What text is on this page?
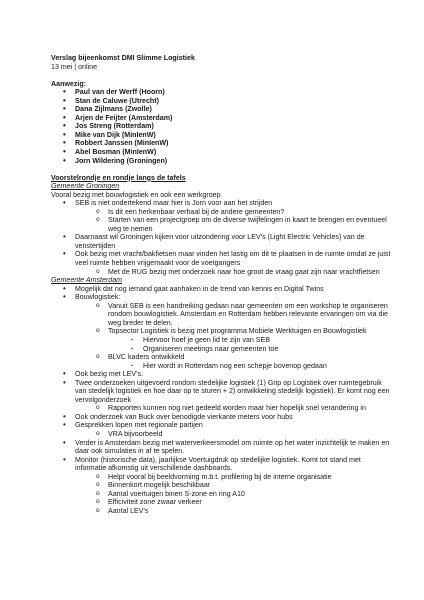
Verslag bijeenkomst DMI Slimme Logistiek
13 mei | online
Aanwezig:
• Paul van der Werff (Hoorn)
• Stan de Caluwe (Utrecht)
• Dana Zijlmans (Zwolle)
• Arjen de Feijter (Amsterdam)
• Jos Streng (Rotterdam)
• Mike van Dijk (MinIenW)
• Robbert Janssen (MinIenW)
• Abel Bosman (MinIenW)
• Jorn Wildering (Groningen)
Voorstelrondje en rondje langs de tafels
Gemeente Groningen
Vooral bezig met bouwlogistiek en ook een werkgroep
• SEB is niet ondertekend maar hier is Jorn voor aan het strijden
o Is dit een herkenbaar verhaal bij de andere gemeenten?
o Starten van een projectgroep om de diverse twijfelingen in kaart te brengen en eventueel weg te nemen
• Daarnaast wil Groningen kijken voor uitzondering voor LEV's (Light Electric Vehicles) van de venstertijden
• Ook bezig met vracht/bakfietsen maar vinden het lastig om dit te plaatsen in de ruimte omdat ze juist veel ruimte hebben vrijgemaakt voor de voetgangers
o Met de RUG bezig met onderzoek naar hoe groot de vraag gaat zijn naar vrachtfietsen
Gemeente Amsterdam
• Mogelijk dat nog iemand gaat aanhaken in de trend van kennis en Digital Twins
• Bouwlogistiek:
o Vanuit SEB is een handreiking gedaan naar gemeenten om een workshop te organiseren rondom bouwlogistiek. Amsterdam en Rotterdam hebben relevante ervaringen om via die weg breder te delen.
o Topsector Logistiek is bezig met programma Mobiele Werktuigen en Bouwlogistiek
▪ Hiervoor hoef je geen lid te zijn van SEB
▪ Organiseren meetings naar gemeenten toe
o BLVC kaders ontwikkeld
▪ Hier wordt in Rotterdam nog een schepje bovenop gedaan
• Ook bezig met LEV's.
• Twee onderzoeken uitgevoerd rondom stedelijke logistiek (1) Grip op Logistiek over ruimtegebruik van stedelijk logistiek en hoe daar op te sturen + 2) ontwikkeling stedelijk logistiek). Er komt nog een vervolgonderzoek
o Rapporten kunnen nog niet gedeeld worden maar hier hopelijk snel verandering in
• Ook onderzoek van Buck over benodigde vierkante meters voor hubs
• Gesprekken lopen met regionale partijen
o VRA bijvoorbeeld
• Verder is Amsterdam bezig met waterverkeersmodel om ruimte op het water inzichtelijk te maken en daar ook simulaties in af te spelen.
• Monitor (historische data), jaarlijkse Voertuigdruk op stedelijke logistiek. Komt tot stand met informatie afkomstig uit verschillende dashboards.
o Helpt vooral bij beeldvorming m.b.t. profilering bij de interne organisatie
o Binnenkort mogelijk beschikbaar
o Aantal voertuigen binen S-zone en ring A10
o Efficiviteit zone zwaar verkeer
o Aantal LEV's
